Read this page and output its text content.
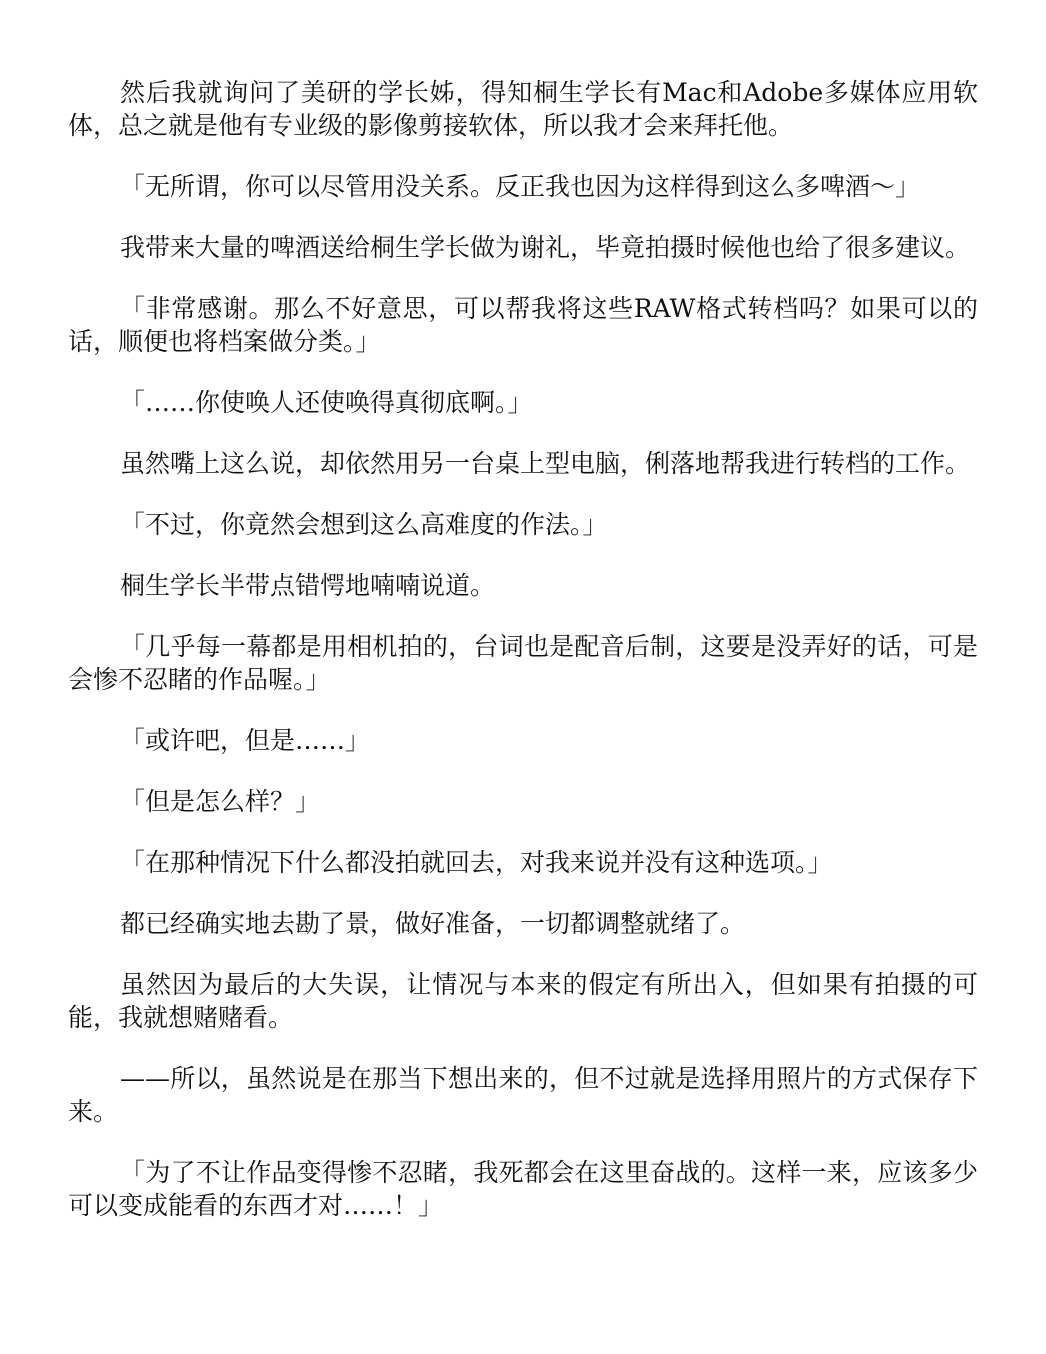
然后我就询问了美研的学长姊，得知桐生学长有Mac和Adobe多媒体应用软体，总之就是他有专业级的影像剪接软体，所以我才会来拜托他。

「无所谓，你可以尽管用没关系。反正我也因为这样得到这么多啤酒～」

我带来大量的啤酒送给桐生学长做为谢礼，毕竟拍摄时候他也给了很多建议。

「非常感谢。那么不好意思，可以帮我将这些RAW格式转档吗？如果可以的话，顺便也将档案做分类。」

「……你使唤人还使唤得真彻底啊。」

虽然嘴上这么说，却依然用另一台桌上型电脑，俐落地帮我进行转档的工作。

「不过，你竟然会想到这么高难度的作法。」

桐生学长半带点错愕地喃喃说道。

「几乎每一幕都是用相机拍的，台词也是配音后制，这要是没弄好的话，可是会惨不忍睹的作品喔。」

「或许吧，但是……」

「但是怎么样？」

「在那种情况下什么都没拍就回去，对我来说并没有这种选项。」

都已经确实地去勘了景，做好准备，一切都调整就绪了。

虽然因为最后的大失误，让情况与本来的假定有所出入，但如果有拍摄的可能，我就想赌赌看。

——所以，虽然说是在那当下想出来的，但不过就是选择用照片的方式保存下来。

「为了不让作品变得惨不忍睹，我死都会在这里奋战的。这样一来，应该多少可以变成能看的东西才对……！」
